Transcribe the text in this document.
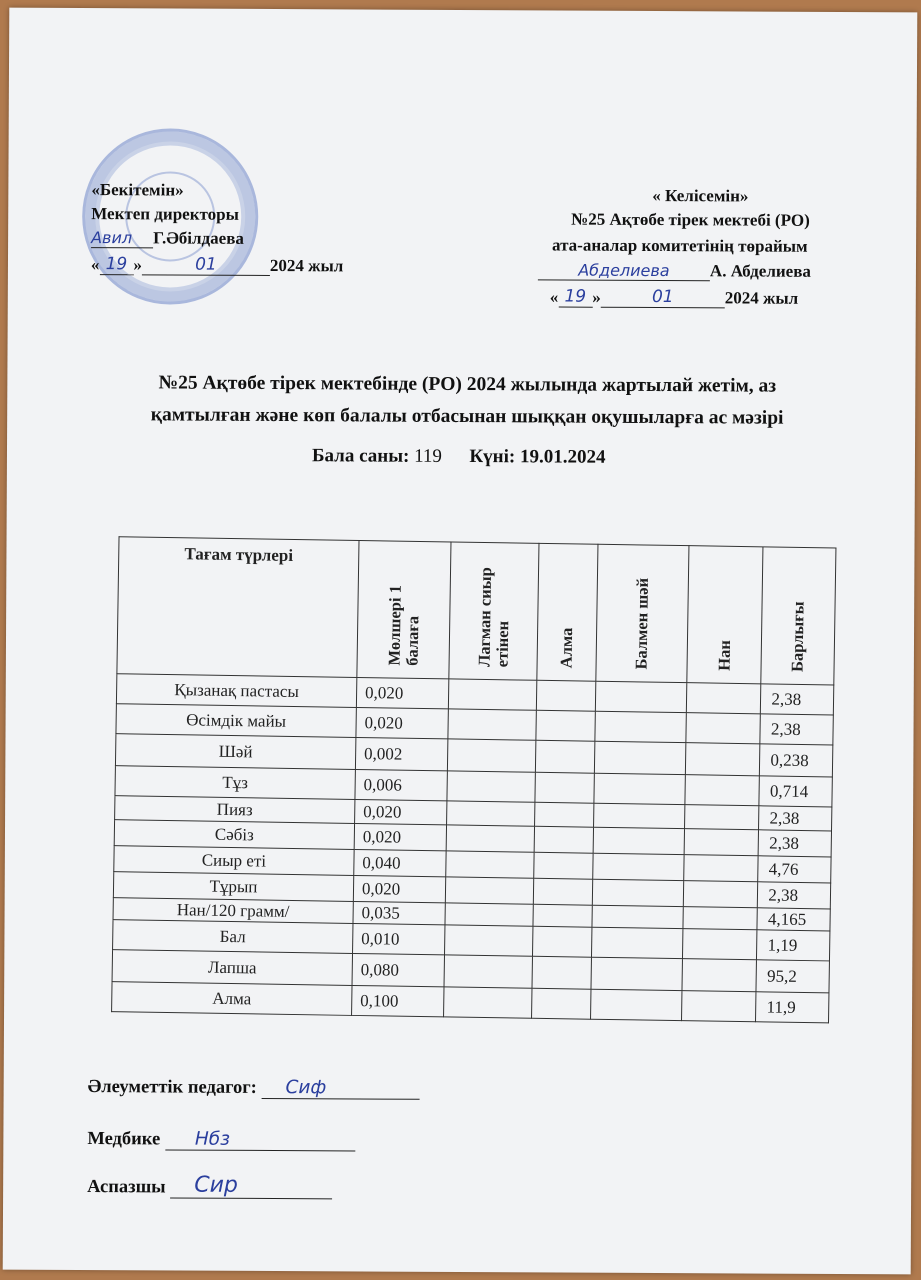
«Бекітемін»
Мектеп директоры
Авил Г.Әбілдаева
« 19 »	01	2024 жыл
« Келісемін»
№25 Ақтөбе тірек мектебі (РО)
ата-аналар комитетінің төрайым
Абделиева А. Абделиева
« 19 »	01	2024 жыл
№25 Ақтөбе тірек мектебінде (РО) 2024 жылында жартылай жетім, аз
қамтылған және көп балалы отбасынан шыққан оқушыларға ас мәзірі
Бала саны: 119 Күні: 19.01.2024
Тағам түрлері	Мөлшері 1 балаға	Лагман сиыр етінен	Алма	Балмен шәй	Нан	Барлығы

Қызанақ пастасы	0,020					2,38
Өсімдік майы	0,020					2,38
Шәй	0,002					0,238
Тұз	0,006					0,714
Пияз	0,020					2,38
Сәбіз	0,020					2,38
Сиыр еті	0,040					4,76
Тұрып	0,020					2,38
Нан/120 грамм/	0,035					4,165
Бал	0,010					1,19
Лапша	0,080					95,2
Алма	0,100					11,9
Әлеуметтік педагог: Сиф
Медбике Нбз
Аспазшы Сир
